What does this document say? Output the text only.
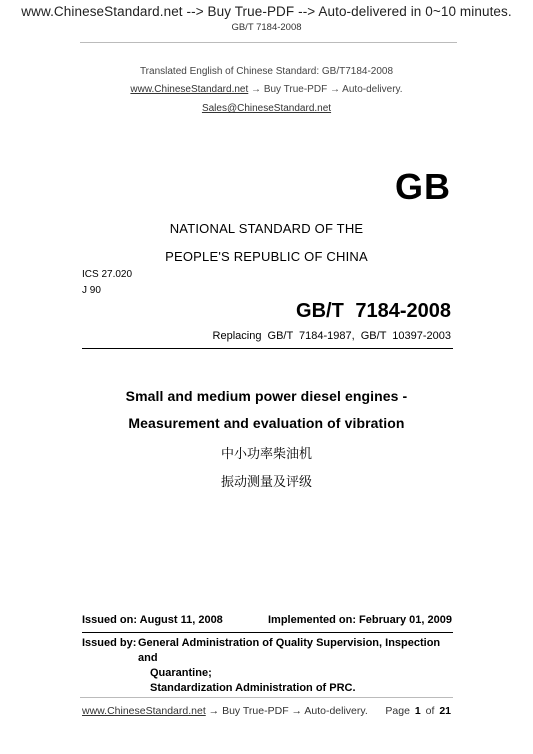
www.ChineseStandard.net --> Buy True-PDF --> Auto-delivered in 0~10 minutes.
GB/T 7184-2008
Translated English of Chinese Standard: GB/T7184-2008
www.ChineseStandard.net → Buy True-PDF → Auto-delivery.
Sales@ChineseStandard.net
GB
NATIONAL STANDARD OF THE
PEOPLE'S REPUBLIC OF CHINA
ICS 27.020
J 90
GB/T 7184-2008
Replacing GB/T 7184-1987, GB/T 10397-2003
Small and medium power diesel engines -
Measurement and evaluation of vibration
中小功率柴油机
振动测量及评级
Issued on: August 11, 2008	Implemented on: February 01, 2009
Issued by: General Administration of Quality Supervision, Inspection and
Quarantine;
Standardization Administration of PRC.
www.ChineseStandard.net → Buy True-PDF → Auto-delivery. Page 1 of 21
